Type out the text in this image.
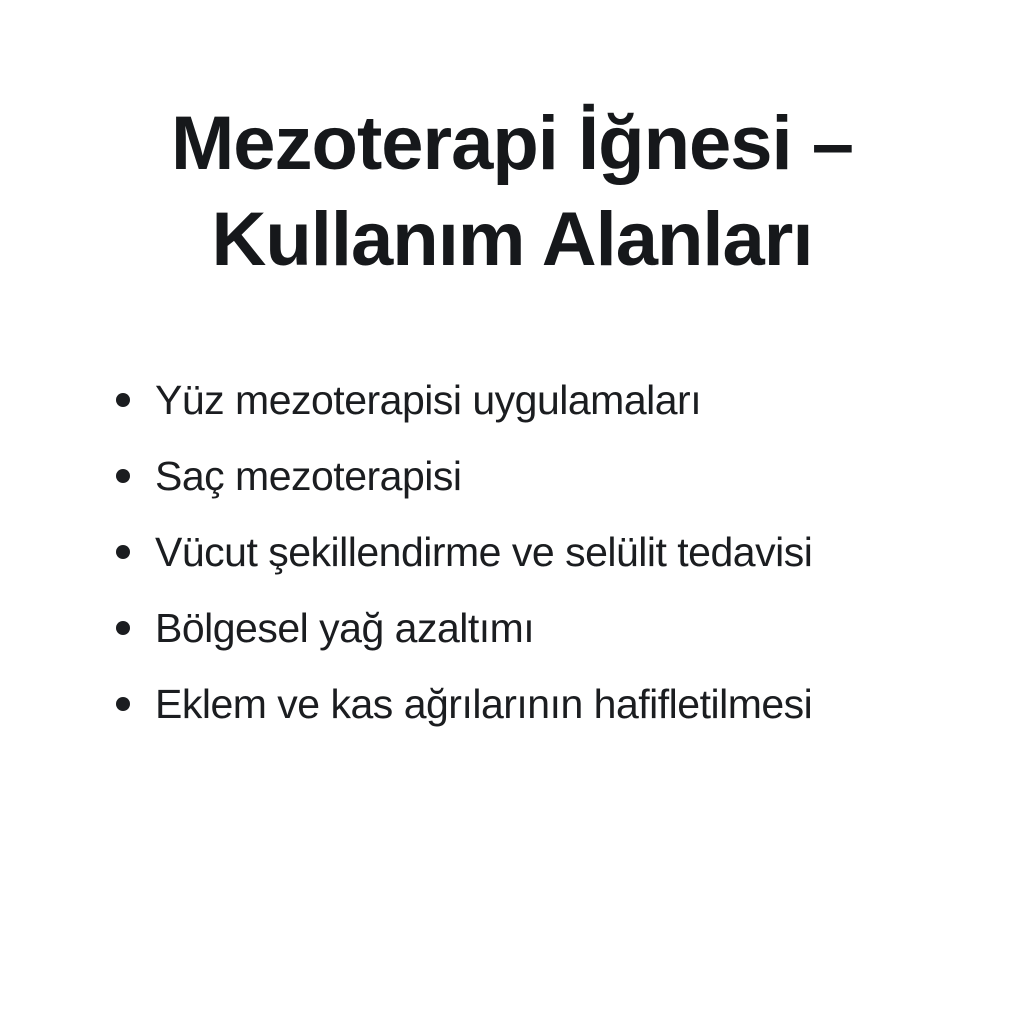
Mezoterapi İğnesi –
Kullanım Alanları
Yüz mezoterapisi uygulamaları
Saç mezoterapisi
Vücut şekillendirme ve selülit tedavisi
Bölgesel yağ azaltımı
Eklem ve kas ağrılarının hafifletilmesi
